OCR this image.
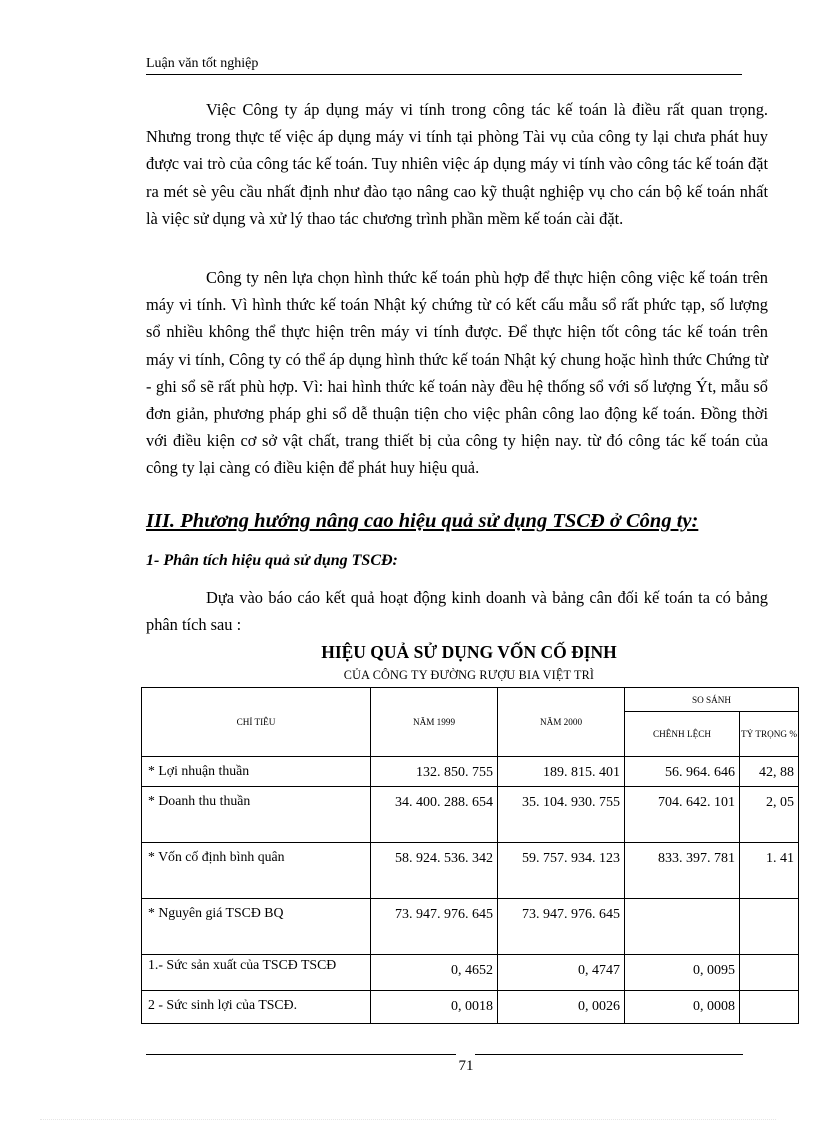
Luận văn tốt nghiệp

Việc Công ty áp dụng máy vi tính trong công tác kế toán là điều rất quan trọng. Nhưng trong thực tế việc áp dụng máy vi tính tại phòng Tài vụ của công ty lại chưa phát huy được vai trò của công tác kế toán. Tuy nhiên việc áp dụng máy vi tính vào công tác kế toán đặt ra mét sè yêu cầu nhất định như đào tạo nâng cao kỹ thuật nghiệp vụ cho cán bộ kế toán nhất là việc sử dụng và xử lý thao tác chương trình phần mềm kế toán cài đặt.

Công ty nên lựa chọn hình thức kế toán phù hợp để thực hiện công việc kế toán trên máy vi tính. Vì hình thức kế toán Nhật ký chứng từ có kết cấu mẫu sổ rất phức tạp, số lượng sổ nhiều không thể thực hiện trên máy vi tính được. Để thực hiện tốt công tác kế toán trên máy vi tính, Công ty có thể áp dụng hình thức kế toán Nhật ký chung hoặc hình thức Chứng từ - ghi sổ sẽ rất phù hợp. Vì: hai hình thức kế toán này đều hệ thống sổ với số lượng Ýt, mẫu sổ đơn giản, phương pháp ghi sổ dễ thuận tiện cho việc phân công lao động kế toán. Đồng thời với điều kiện cơ sở vật chất, trang thiết bị của công ty hiện nay. từ đó công tác kế toán của công ty lại càng có điều kiện để phát huy hiệu quả.

III. Phương hướng nâng cao hiệu quả sử dụng TSCĐ ở Công ty:
1- Phân tích hiệu quả sử dụng TSCĐ:

Dựa vào báo cáo kết quả hoạt động kinh doanh và bảng cân đối kế toán ta có bảng phân tích sau :

HIỆU QUẢ SỬ DỤNG VỐN CỐ ĐỊNH
CỦA CÔNG TY ĐƯỜNG RƯỢU BIA VIỆT TRÌ
CHỈ TIÊU	NĂM 1999	NĂM 2000	SO SÁNH	
			CHÊNH LỆCH	TỶ TRỌNG %
* Lợi nhuận thuần	132. 850. 755	189. 815. 401	56. 964. 646	42, 88
* Doanh thu thuần	34. 400. 288. 654	35. 104. 930. 755	704. 642. 101	2, 05
* Vốn cố định bình quân	58. 924. 536. 342	59. 757. 934. 123	833. 397. 781	1. 41
* Nguyên giá TSCĐ BQ	73. 947. 976. 645	73. 947. 976. 645		
1.- Sức sản xuất của TSCĐ TSCĐ	0, 4652	0, 4747	0, 0095	
2 - Sức sinh lợi của TSCĐ.	0, 0018	0, 0026	0, 0008	
71
